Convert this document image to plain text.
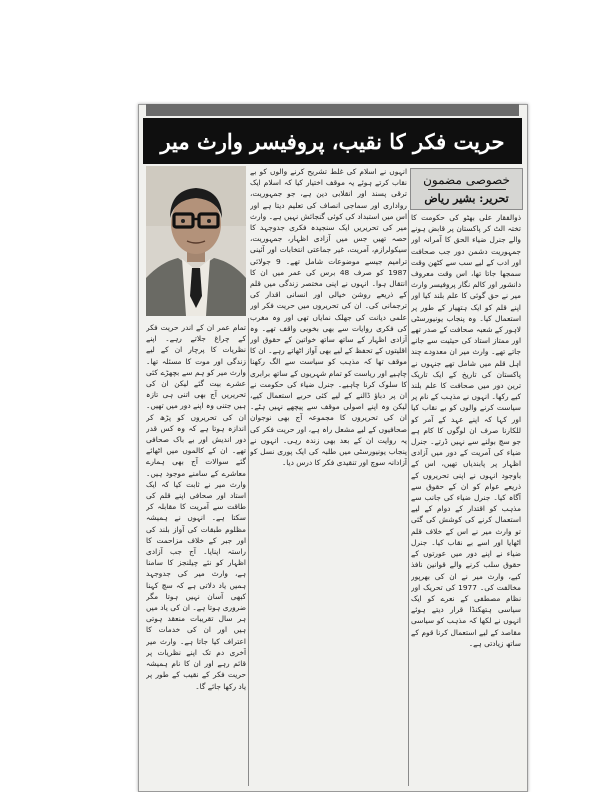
حریت فکر کا نقیب، پروفیسر وارث میر
خصوصی مضمون
تحریر: بشیر ریاض
ذوالفقار علی بھٹو کی حکومت کا تختہ الٹ کر پاکستان پر قابض ہونے والے جنرل ضیاء الحق کا آمرانہ اور جمہوریت دشمن دور جب صحافت اور ادب کے لیے سب سے کٹھن وقت سمجھا جاتا تھا، اس وقت معروف دانشور اور کالم نگار پروفیسر وارث میر نے حق گوئی کا علم بلند کیا اور اپنے قلم کو ایک ہتھیار کے طور پر استعمال کیا۔ وہ پنجاب یونیورسٹی لاہور کے شعبہ صحافت کے صدر تھے اور ممتاز استاد کی حیثیت سے جانے جاتے تھے۔ وارث میر ان معدودے چند اہل قلم میں شامل تھے جنہوں نے پاکستان کی تاریخ کے ایک تاریک ترین دور میں صحافت کا علم بلند کیے رکھا۔ انہوں نے مذہب کے نام پر سیاست کرنے والوں کو بے نقاب کیا اور کہا کہ اپنے عہد کے آمر کو للکارنا صرف ان لوگوں کا کام ہے جو سچ بولنے سے نہیں ڈرتے۔ جنرل ضیاء کی آمریت کے دور میں آزادی اظہار پر پابندیاں تھیں، اس کے باوجود انہوں نے اپنی تحریروں کے ذریعے عوام کو ان کے حقوق سے آگاہ کیا۔ جنرل ضیاء کی جانب سے مذہب کو اقتدار کے دوام کے لیے استعمال کرنے کی کوشش کی گئی تو وارث میر نے اس کے خلاف قلم اٹھایا اور اسے بے نقاب کیا۔ جنرل ضیاء نے اپنے دور میں عورتوں کے حقوق سلب کرنے والے قوانین نافذ کیے، وارث میر نے ان کی بھرپور مخالفت کی۔ 1977 کی تحریک اور نظام مصطفی کے نعرے کو ایک سیاسی ہتھکنڈا قرار دیتے ہوئے انہوں نے لکھا کہ مذہب کو سیاسی مقاصد کے لیے استعمال کرنا قوم کے ساتھ زیادتی ہے۔
انہوں نے اسلام کی غلط تشریح کرنے والوں کو بے نقاب کرتے ہوئے یہ موقف اختیار کیا کہ اسلام ایک ترقی پسند اور انقلابی دین ہے، جو جمہوریت، رواداری اور سماجی انصاف کی تعلیم دیتا ہے اور اس میں استبداد کی کوئی گنجائش نہیں ہے۔ وارث میر کی تحریریں ایک سنجیدہ فکری جدوجہد کا حصہ تھیں جس میں آزادی اظہار، جمہوریت، سیکولرازم، آمریت، غیر جماعتی انتخابات اور آئینی ترامیم جیسے موضوعات شامل تھے۔ 9 جولائی 1987 کو صرف 48 برس کی عمر میں ان کا انتقال ہوا۔ انہوں نے اپنی مختصر زندگی میں قلم کے ذریعے روشن خیالی اور انسانی اقدار کی ترجمانی کی۔ ان کی تحریروں میں حریت فکر اور علمی دیانت کی جھلک نمایاں تھی اور وہ مغرب کی فکری روایات سے بھی بخوبی واقف تھے۔ وہ آزادی اظہار کے ساتھ ساتھ خواتین کے حقوق اور اقلیتوں کے تحفظ کے لیے بھی آواز اٹھاتے رہے۔ ان کا موقف تھا کہ مذہب کو سیاست سے الگ رکھنا چاہیے اور ریاست کو تمام شہریوں کے ساتھ برابری کا سلوک کرنا چاہیے۔ جنرل ضیاء کی حکومت نے ان پر دباؤ ڈالنے کے لیے کئی حربے استعمال کیے، لیکن وہ اپنے اصولی موقف سے پیچھے نہیں ہٹے۔ ان کی تحریروں کا مجموعہ آج بھی نوجوان صحافیوں کے لیے مشعل راہ ہے، اور حریت فکر کی یہ روایت ان کے بعد بھی زندہ رہی۔ انہوں نے پنجاب یونیورسٹی میں طلبہ کی ایک پوری نسل کو آزادانہ سوچ اور تنقیدی فکر کا درس دیا۔
تمام عمر ان کے اندر حریت فکر کے چراغ جلاتے رہے۔ اپنے نظریات کا پرچار ان کے لیے زندگی اور موت کا مسئلہ تھا۔ وارث میر کو ہم سے بچھڑے کئی عشرے بیت گئے لیکن ان کی تحریریں آج بھی اتنی ہی تازہ ہیں جتنی وہ اپنے دور میں تھیں۔ ان کی تحریروں کو پڑھ کر اندازہ ہوتا ہے کہ وہ کس قدر دور اندیش اور بے باک صحافی تھے۔ ان کے کالموں میں اٹھائے گئے سوالات آج بھی ہمارے معاشرے کے سامنے موجود ہیں۔ وارث میر نے ثابت کیا کہ ایک استاد اور صحافی اپنے قلم کی طاقت سے آمریت کا مقابلہ کر سکتا ہے۔ انہوں نے ہمیشہ مظلوم طبقات کی آواز بلند کی اور جبر کے خلاف مزاحمت کا راستہ اپنایا۔ آج جب آزادی اظہار کو نئے چیلنجز کا سامنا ہے، وارث میر کی جدوجہد ہمیں یاد دلاتی ہے کہ سچ کہنا کبھی آسان نہیں ہوتا مگر ضروری ہوتا ہے۔ ان کی یاد میں ہر سال تقریبات منعقد ہوتی ہیں اور ان کی خدمات کا اعتراف کیا جاتا ہے۔ وارث میر آخری دم تک اپنے نظریات پر قائم رہے اور ان کا نام ہمیشہ حریت فکر کے نقیب کے طور پر یاد رکھا جائے گا۔
